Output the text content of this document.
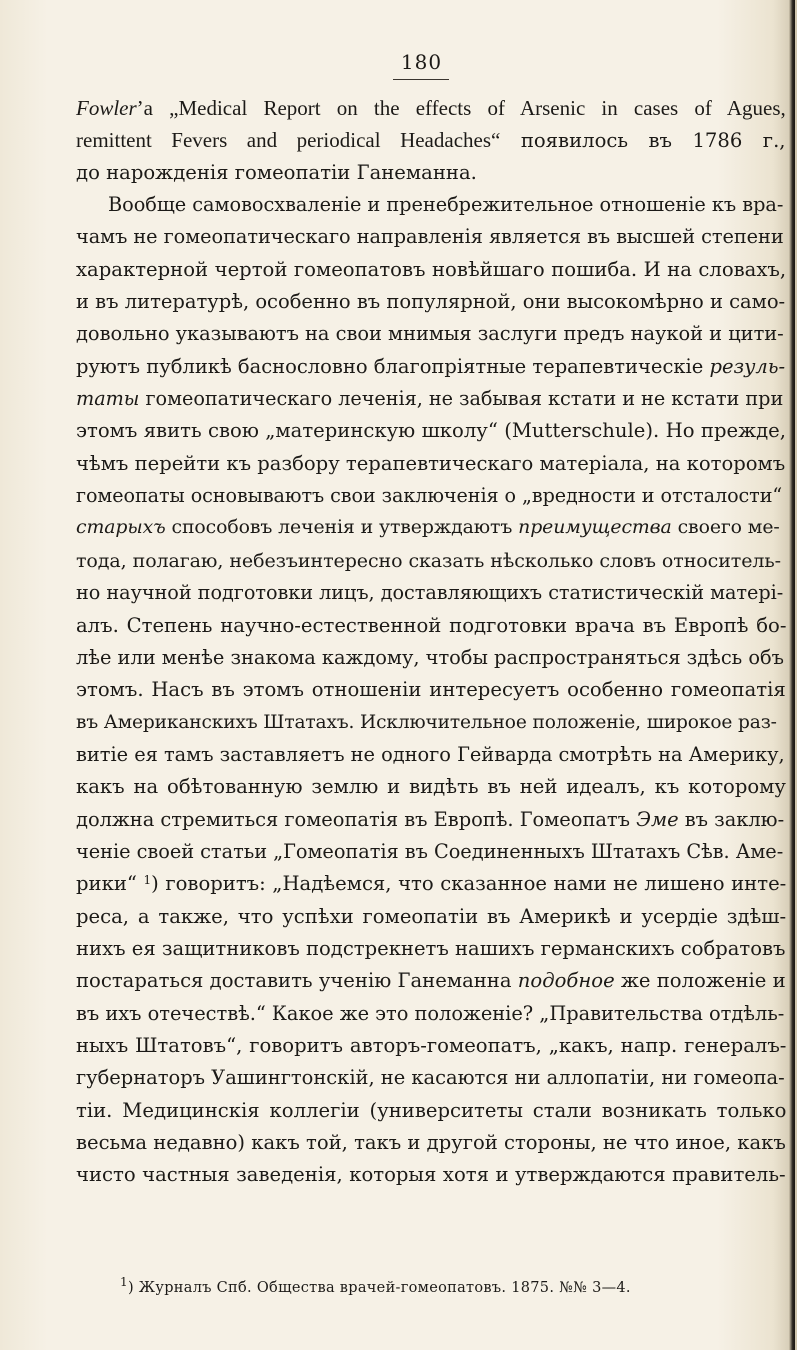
180
Fowler’a „Medical Report on the effects of Arsenic in cases of Agues,
remittent Fevers and periodical Headaches“ появилось въ 1786 г.,
до нарожденія гомеопатіи Ганеманна.
Вообще самовосхваленіе и пренебрежительное отношеніе къ вра-
чамъ не гомеопатическаго направленія является въ высшей степени
характерной чертой гомеопатовъ новѣйшаго пошиба. И на словахъ,
и въ литературѣ, особенно въ популярной, они высокомѣрно и само-
довольно указываютъ на свои мнимыя заслуги предъ наукой и цити-
руютъ публикѣ баснословно благопріятные терапевтическіе резуль-
таты гомеопатическаго леченія, не забывая кстати и не кстати при
этомъ явить свою „материнскую школу“ (Mutterschule). Но прежде,
чѣмъ перейти къ разбору терапевтическаго матеріала, на которомъ
гомеопаты основываютъ свои заключенія о „вредности и отсталости“
старыхъ способовъ леченія и утверждаютъ преимущества своего ме-
тода, полагаю, небезъинтересно сказать нѣсколько словъ относитель-
но научной подготовки лицъ, доставляющихъ статистическій матері-
алъ. Степень научно-естественной подготовки врача въ Европѣ бо-
лѣе или менѣе знакома каждому, чтобы распространяться здѣсь объ
этомъ. Насъ въ этомъ отношеніи интересуетъ особенно гомеопатія
въ Американскихъ Штатахъ. Исключительное положеніе, широкое раз-
витіе ея тамъ заставляетъ не одного Гейварда смотрѣть на Америку,
какъ на обѣтованную землю и видѣть въ ней идеалъ, къ которому
должна стремиться гомеопатія въ Европѣ. Гомеопатъ Эме въ заклю-
ченіе своей статьи „Гомеопатія въ Соединенныхъ Штатахъ Сѣв. Аме-
рики“ $^1$) говоритъ: „Надѣемся, что сказанное нами не лишено инте-
реса, а также, что успѣхи гомеопатіи въ Америкѣ и усердіе здѣш-
нихъ ея защитниковъ подстрекнетъ нашихъ германскихъ собратовъ
постараться доставить ученію Ганеманна подобное же положеніе и
въ ихъ отечествѣ.“ Какое же это положеніе? „Правительства отдѣль-
ныхъ Штатовъ“, говоритъ авторъ-гомеопатъ, „какъ, напр. генералъ-
губернаторъ Уашингтонскій, не касаются ни аллопатіи, ни гомеопа-
тіи. Медицинскія коллегіи (университеты стали возникать только
весьма недавно) какъ той, такъ и другой стороны, не что иное, какъ
чисто частныя заведенія, которыя хотя и утверждаются правитель-
$^1$) Журналъ Спб. Общества врачей-гомеопатовъ. 1875. №№ 3—4.
